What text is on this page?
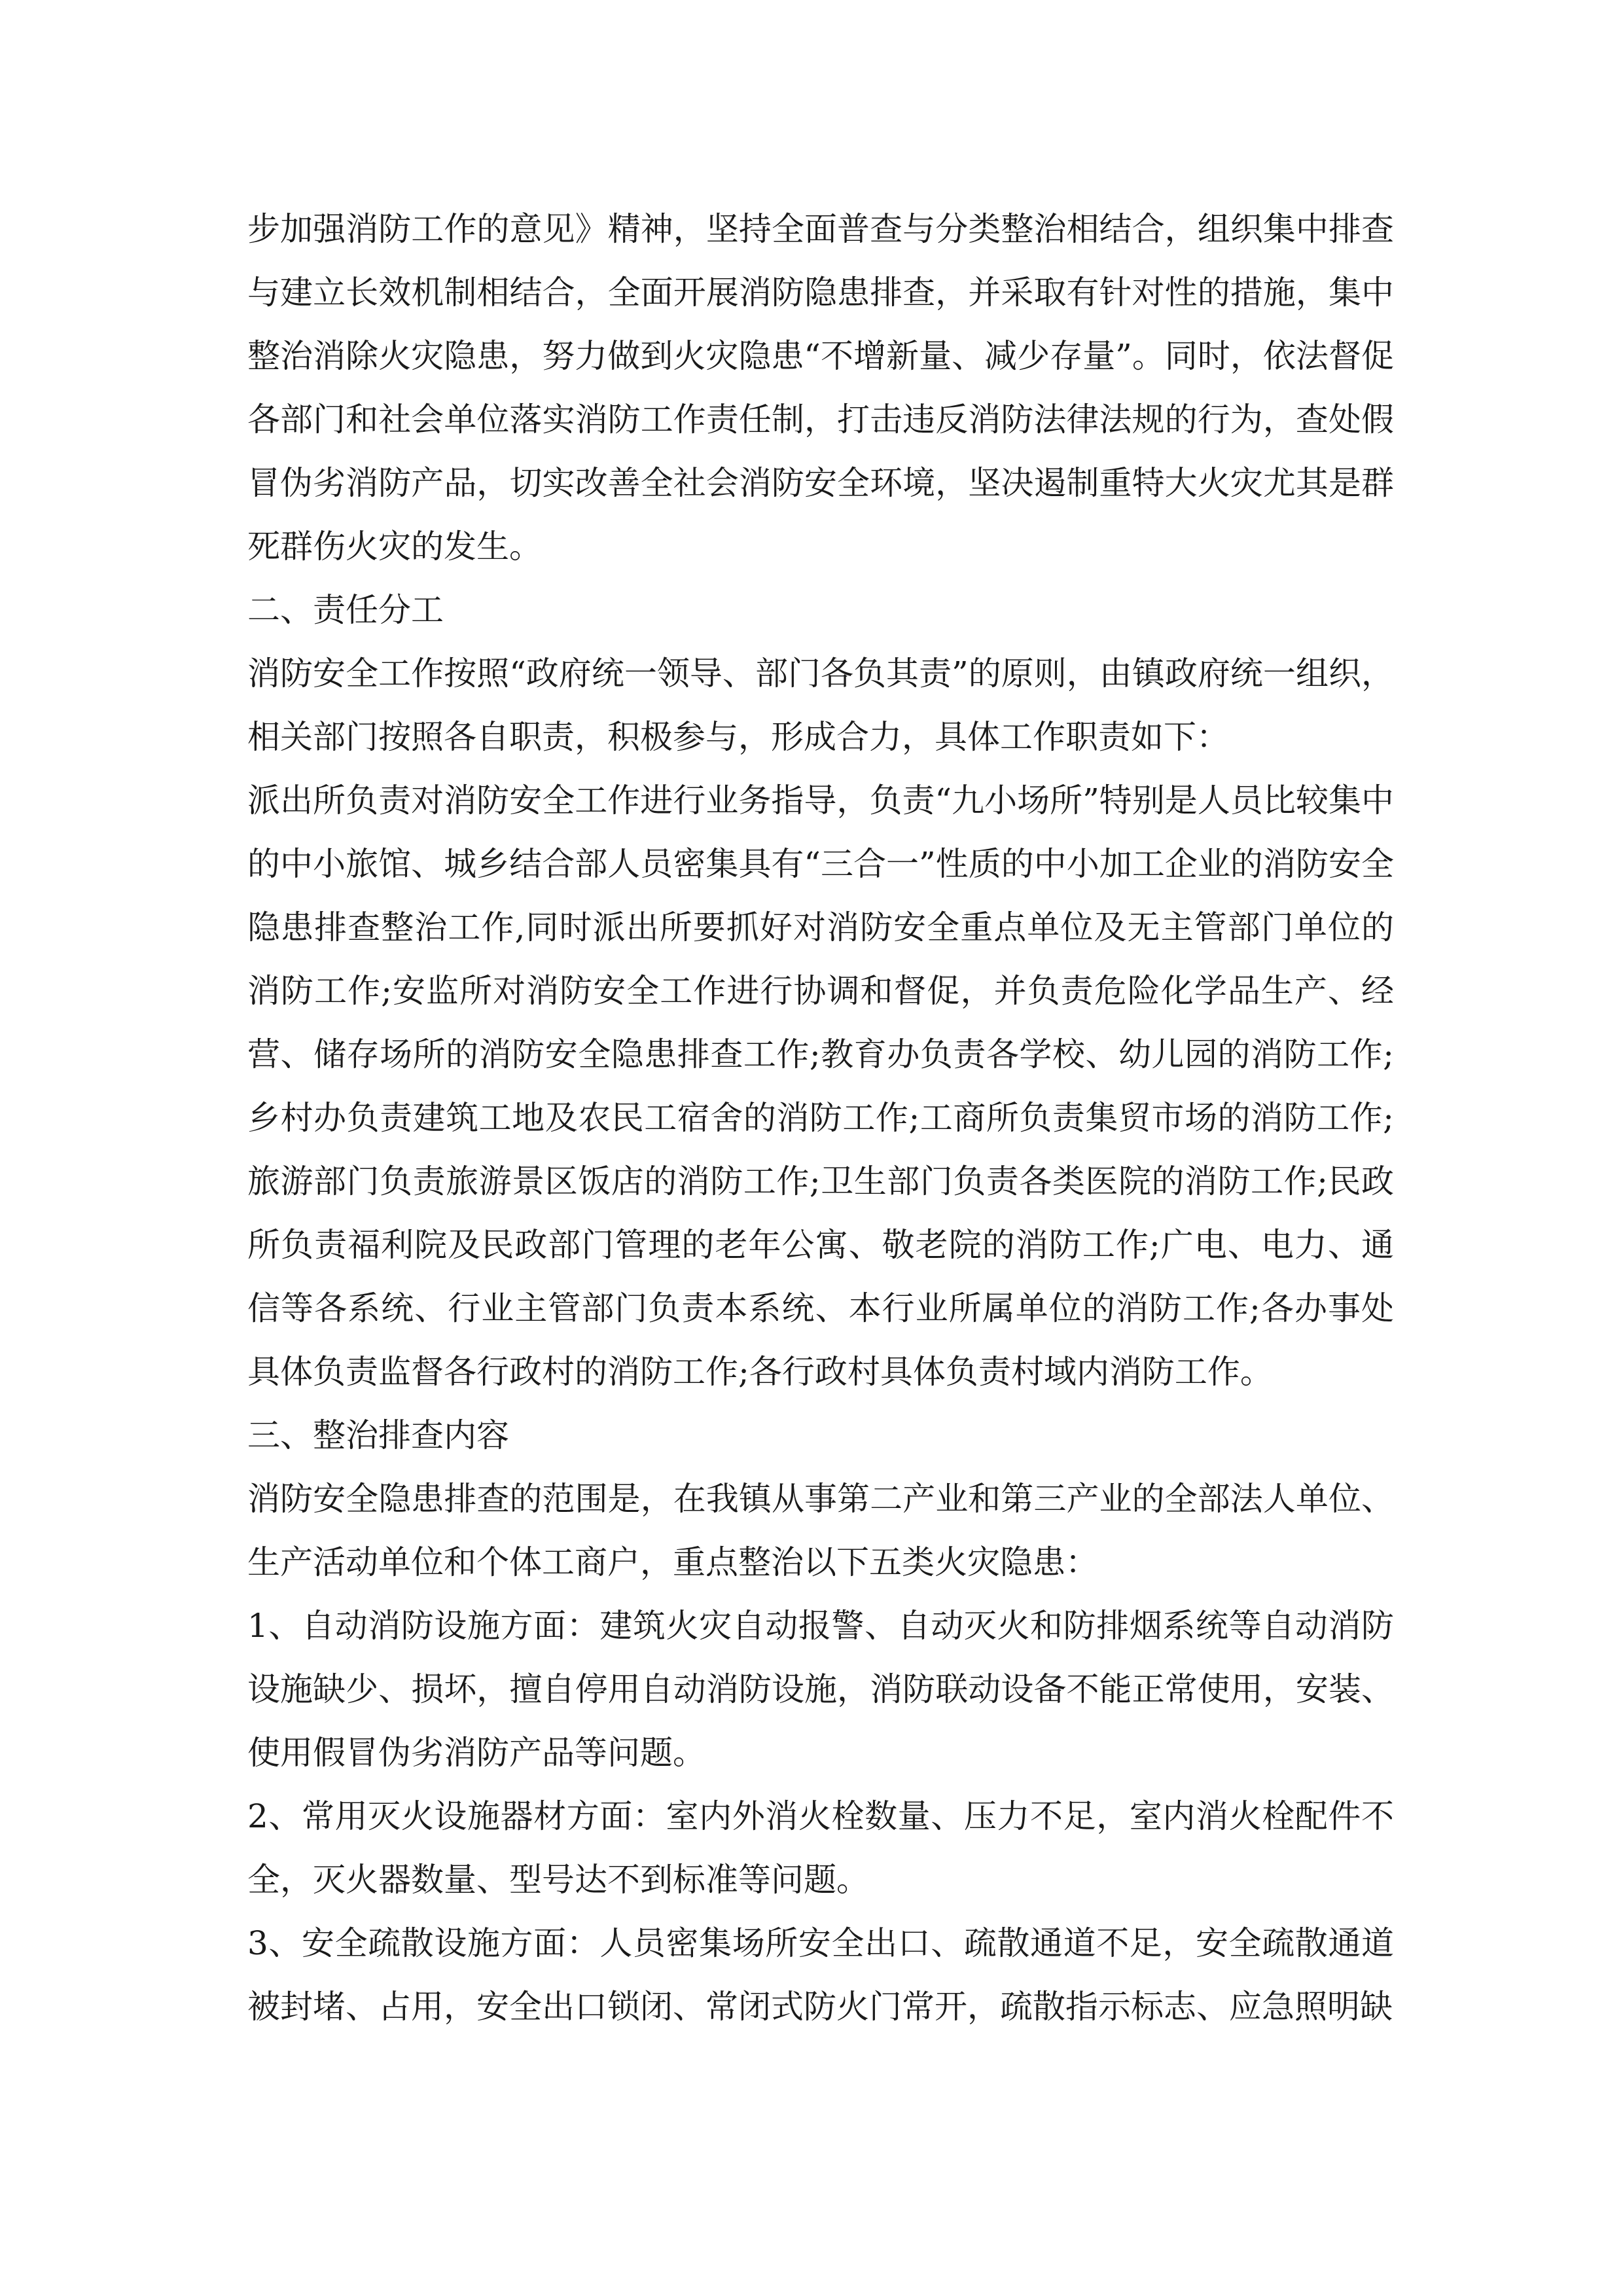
步加强消防工作的意见》精神，坚持全面普查与分类整治相结合，组织集中排查与建立长效机制相结合，全面开展消防隐患排查，并采取有针对性的措施，集中整治消除火灾隐患，努力做到火灾隐患“不增新量、减少存量”。同时，依法督促各部门和社会单位落实消防工作责任制，打击违反消防法律法规的行为，查处假冒伪劣消防产品，切实改善全社会消防安全环境，坚决遏制重特大火灾尤其是群死群伤火灾的发生。

二、责任分工

消防安全工作按照“政府统一领导、部门各负其责”的原则，由镇政府统一组织，相关部门按照各自职责，积极参与，形成合力，具体工作职责如下：

派出所负责对消防安全工作进行业务指导，负责“九小场所”特别是人员比较集中的中小旅馆、城乡结合部人员密集具有“三合一”性质的中小加工企业的消防安全隐患排查整治工作,同时派出所要抓好对消防安全重点单位及无主管部门单位的消防工作;安监所对消防安全工作进行协调和督促，并负责危险化学品生产、经营、储存场所的消防安全隐患排查工作;教育办负责各学校、幼儿园的消防工作;乡村办负责建筑工地及农民工宿舍的消防工作;工商所负责集贸市场的消防工作;旅游部门负责旅游景区饭店的消防工作;卫生部门负责各类医院的消防工作;民政所负责福利院及民政部门管理的老年公寓、敬老院的消防工作;广电、电力、通信等各系统、行业主管部门负责本系统、本行业所属单位的消防工作;各办事处具体负责监督各行政村的消防工作;各行政村具体负责村域内消防工作。

三、整治排查内容

消防安全隐患排查的范围是，在我镇从事第二产业和第三产业的全部法人单位、生产活动单位和个体工商户，重点整治以下五类火灾隐患：

1、自动消防设施方面：建筑火灾自动报警、自动灭火和防排烟系统等自动消防设施缺少、损坏，擅自停用自动消防设施，消防联动设备不能正常使用，安装、使用假冒伪劣消防产品等问题。

2、常用灭火设施器材方面：室内外消火栓数量、压力不足，室内消火栓配件不全，灭火器数量、型号达不到标准等问题。

3、安全疏散设施方面：人员密集场所安全出口、疏散通道不足，安全疏散通道被封堵、占用，安全出口锁闭、常闭式防火门常开，疏散指示标志、应急照明缺
